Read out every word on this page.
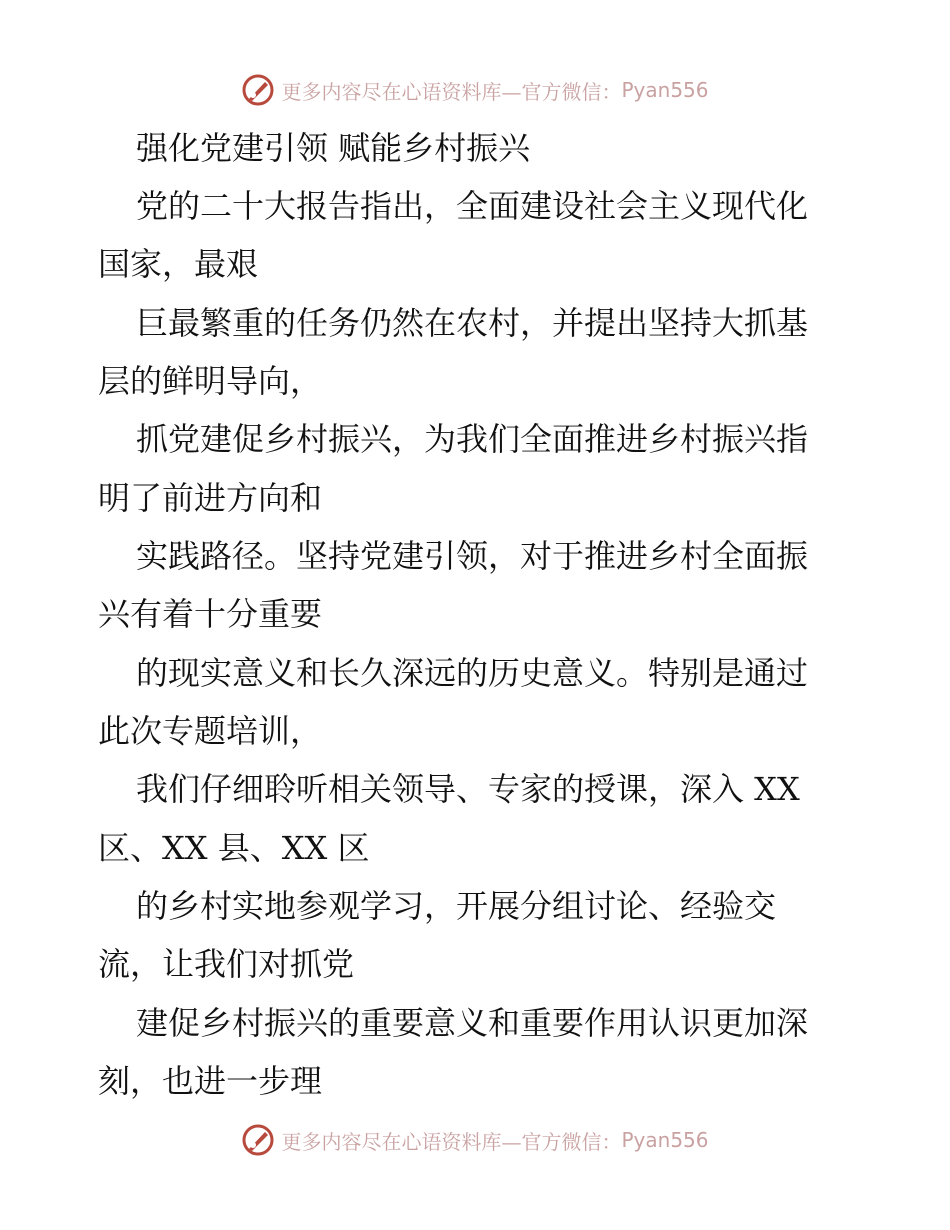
更多内容尽在心语资料库—官方微信： Pyan556
强化党建引领 赋能乡村振兴
党的二十大报告指出，全面建设社会主义现代化
国家，最艰
巨最繁重的任务仍然在农村，并提出坚持大抓基
层的鲜明导向，
抓党建促乡村振兴，为我们全面推进乡村振兴指
明了前进方向和
实践路径。坚持党建引领，对于推进乡村全面振
兴有着十分重要
的现实意义和长久深远的历史意义。特别是通过
此次专题培训，
我们仔细聆听相关领导、专家的授课，深入 XX
区、XX 县、XX 区
的乡村实地参观学习，开展分组讨论、经验交
流，让我们对抓党
建促乡村振兴的重要意义和重要作用认识更加深
刻，也进一步理
更多内容尽在心语资料库—官方微信： Pyan556
